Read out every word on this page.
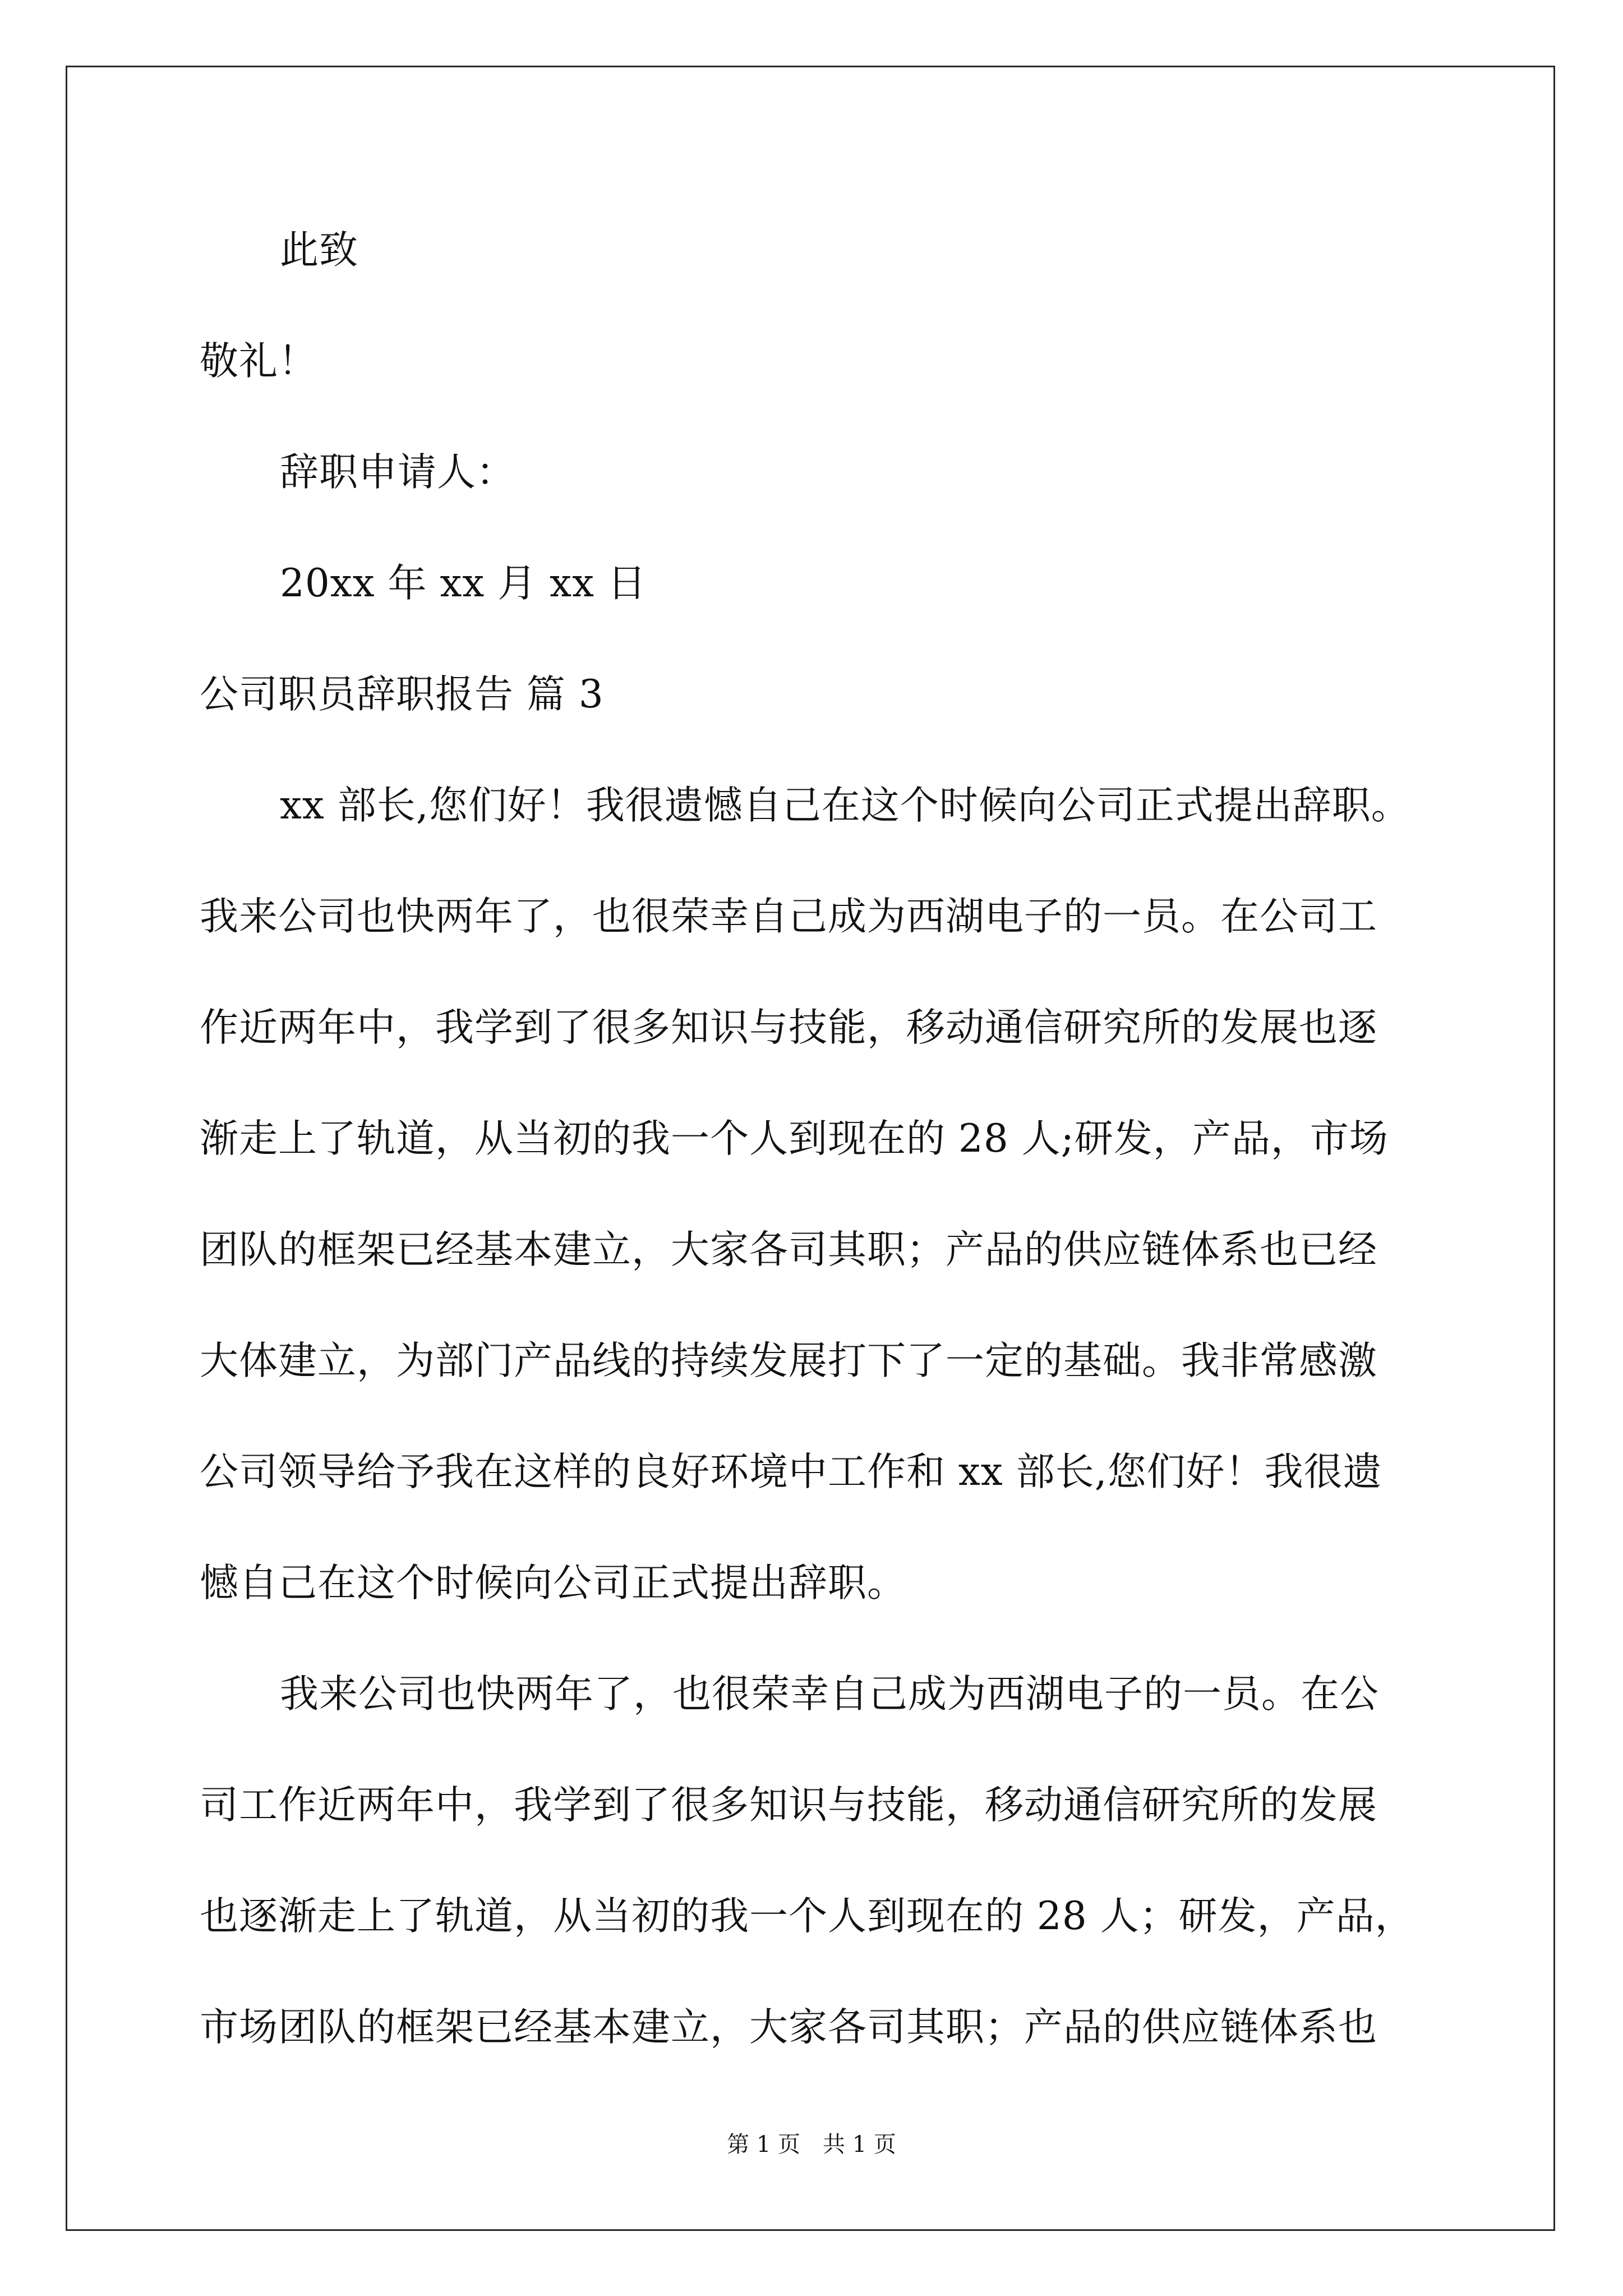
此致
敬礼！
辞职申请人：
20xx 年 xx 月 xx 日
公司职员辞职报告 篇 3
xx 部长,您们好！我很遗憾自己在这个时候向公司正式提出辞职。
我来公司也快两年了，也很荣幸自己成为西湖电子的一员。在公司工
作近两年中，我学到了很多知识与技能，移动通信研究所的发展也逐
渐走上了轨道，从当初的我一个人到现在的 28 人;研发，产品，市场
团队的框架已经基本建立，大家各司其职；产品的供应链体系也已经
大体建立，为部门产品线的持续发展打下了一定的基础。我非常感激
公司领导给予我在这样的良好环境中工作和 xx 部长,您们好！我很遗
憾自己在这个时候向公司正式提出辞职。
我来公司也快两年了，也很荣幸自己成为西湖电子的一员。在公
司工作近两年中，我学到了很多知识与技能，移动通信研究所的发展
也逐渐走上了轨道，从当初的我一个人到现在的 28 人；研发，产品，
市场团队的框架已经基本建立，大家各司其职；产品的供应链体系也
第 1 页　共 1 页
